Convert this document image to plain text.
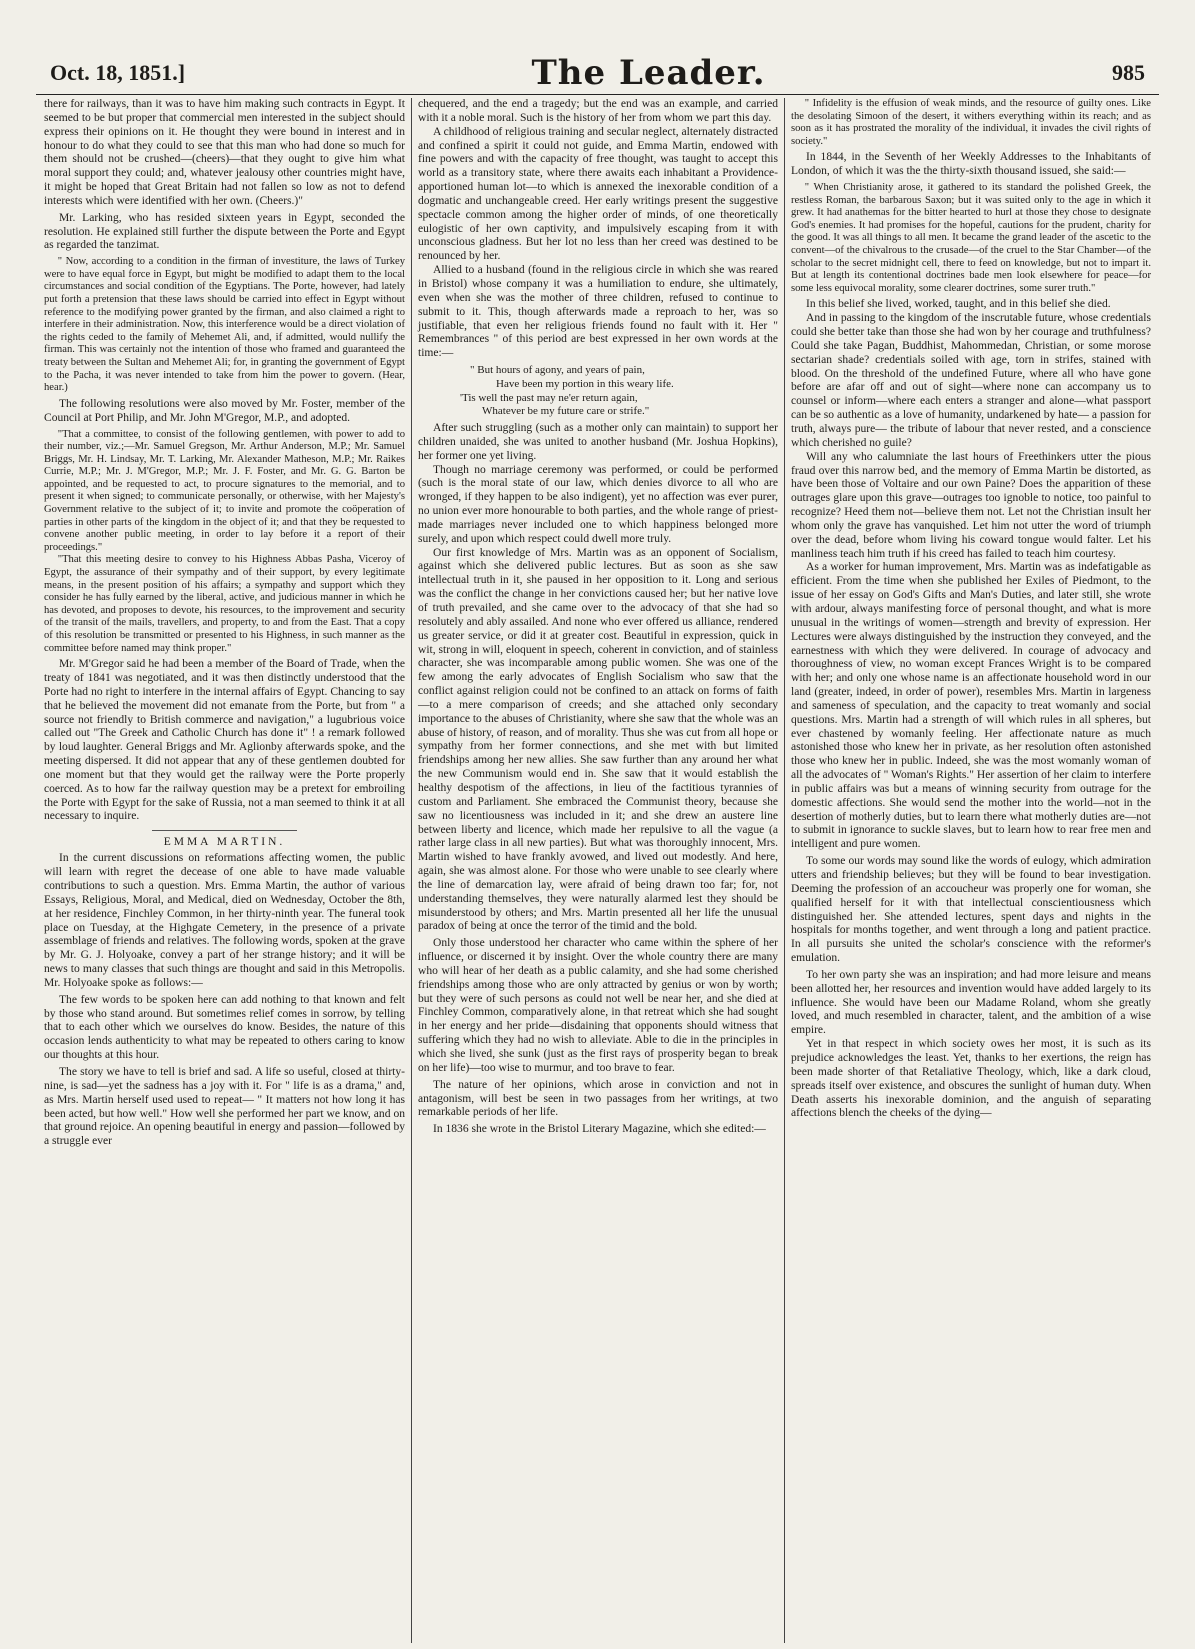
Oct. 18, 1851.]	The Leader.	985

there for railways, than it was to have him making such contracts in Egypt. It seemed to be but proper that commercial men interested in the subject should express their opinions on it. He thought they were bound in interest and in honour to do what they could to see that this man who had done so much for them should not be crushed—(cheers)—that they ought to give him what moral support they could; and, whatever jealousy other countries might have, it might be hoped that Great Britain had not fallen so low as not to defend interests which were identified with her own. (Cheers.)"

Mr. Larking, who has resided sixteen years in Egypt, seconded the resolution. He explained still further the dispute between the Porte and Egypt as regarded the tanzimat.

" Now, according to a condition in the firman of investiture, the laws of Turkey were to have equal force in Egypt, but might be modified to adapt them to the local circumstances and social condition of the Egyptians. The Porte, however, had lately put forth a pretension that these laws should be carried into effect in Egypt without reference to the modifying power granted by the firman, and also claimed a right to interfere in their administration. Now, this interference would be a direct violation of the rights ceded to the family of Mehemet Ali, and, if admitted, would nullify the firman. This was certainly not the intention of those who framed and guaranteed the treaty between the Sultan and Mehemet Ali; for, in granting the government of Egypt to the Pacha, it was never intended to take from him the power to govern. (Hear, hear.)

The following resolutions were also moved by Mr. Foster, member of the Council at Port Philip, and Mr. John M'Gregor, M.P., and adopted.

"That a committee, to consist of the following gentlemen, with power to add to their number, viz.;—Mr. Samuel Gregson, Mr. Arthur Anderson, M.P.; Mr. Samuel Briggs, Mr. H. Lindsay, Mr. T. Larking, Mr. Alexander Matheson, M.P.; Mr. Raikes Currie, M.P.; Mr. J. M'Gregor, M.P.; Mr. J. F. Foster, and Mr. G. G. Barton be appointed, and be requested to act, to procure signatures to the memorial, and to present it when signed; to communicate personally, or otherwise, with her Majesty's Government relative to the subject of it; to invite and promote the coöperation of parties in other parts of the kingdom in the object of it; and that they be requested to convene another public meeting, in order to lay before it a report of their proceedings."

"That this meeting desire to convey to his Highness Abbas Pasha, Viceroy of Egypt, the assurance of their sympathy and of their support, by every legitimate means, in the present position of his affairs; a sympathy and support which they consider he has fully earned by the liberal, active, and judicious manner in which he has devoted, and proposes to devote, his resources, to the improvement and security of the transit of the mails, travellers, and property, to and from the East. That a copy of this resolution be transmitted or presented to his Highness, in such manner as the committee before named may think proper."

Mr. M'Gregor said he had been a member of the Board of Trade, when the treaty of 1841 was negotiated, and it was then distinctly understood that the Porte had no right to interfere in the internal affairs of Egypt. Chancing to say that he believed the movement did not emanate from the Porte, but from " a source not friendly to British commerce and navigation," a lugubrious voice called out "The Greek and Catholic Church has done it" ! a remark followed by loud laughter. General Briggs and Mr. Aglionby afterwards spoke, and the meeting dispersed. It did not appear that any of these gentlemen doubted for one moment but that they would get the railway were the Porte properly coerced. As to how far the railway question may be a pretext for embroiling the Porte with Egypt for the sake of Russia, not a man seemed to think it at all necessary to inquire.

EMMA MARTIN.

In the current discussions on reformations affecting women, the public will learn with regret the decease of one able to have made valuable contributions to such a question. Mrs. Emma Martin, the author of various Essays, Religious, Moral, and Medical, died on Wednesday, October the 8th, at her residence, Finchley Common, in her thirty-ninth year. The funeral took place on Tuesday, at the Highgate Cemetery, in the presence of a private assemblage of friends and relatives. The following words, spoken at the grave by Mr. G. J. Holyoake, convey a part of her strange history; and it will be news to many classes that such things are thought and said in this Metropolis. Mr. Holyoake spoke as follows:—

The few words to be spoken here can add nothing to that known and felt by those who stand around. But sometimes relief comes in sorrow, by telling that to each other which we ourselves do know. Besides, the nature of this occasion lends authenticity to what may be repeated to others caring to know our thoughts at this hour.

The story we have to tell is brief and sad. A life so useful, closed at thirty-nine, is sad—yet the sadness has a joy with it. For " life is as a drama," and, as Mrs. Martin herself used used to repeat— " It matters not how long it has been acted, but how well." How well she performed her part we know, and on that ground rejoice. An opening beautiful in energy and passion—followed by a struggle ever

chequered, and the end a tragedy; but the end was an example, and carried with it a noble moral. Such is the history of her from whom we part this day.

A childhood of religious training and secular neglect, alternately distracted and confined a spirit it could not guide, and Emma Martin, endowed with fine powers and with the capacity of free thought, was taught to accept this world as a transitory state, where there awaits each inhabitant a Providence-apportioned human lot—to which is annexed the inexorable condition of a dogmatic and unchangeable creed. Her early writings present the suggestive spectacle common among the higher order of minds, of one theoretically eulogistic of her own captivity, and impulsively escaping from it with unconscious gladness. But her lot no less than her creed was destined to be renounced by her.

Allied to a husband (found in the religious circle in which she was reared in Bristol) whose company it was a humiliation to endure, she ultimately, even when she was the mother of three children, refused to continue to submit to it. This, though afterwards made a reproach to her, was so justifiable, that even her religious friends found no fault with it. Her " Remembrances " of this period are best expressed in her own words at the time:—

" But hours of agony, and years of pain,
Have been my portion in this weary life.
'Tis well the past may ne'er return again,
Whatever be my future care or strife."

After such struggling (such as a mother only can maintain) to support her children unaided, she was united to another husband (Mr. Joshua Hopkins), her former one yet living.

Though no marriage ceremony was performed, or could be performed (such is the moral state of our law, which denies divorce to all who are wronged, if they happen to be also indigent), yet no affection was ever purer, no union ever more honourable to both parties, and the whole range of priest-made marriages never included one to which happiness belonged more surely, and upon which respect could dwell more truly.

Our first knowledge of Mrs. Martin was as an opponent of Socialism, against which she delivered public lectures. But as soon as she saw intellectual truth in it, she paused in her opposition to it. Long and serious was the conflict the change in her convictions caused her; but her native love of truth prevailed, and she came over to the advocacy of that she had so resolutely and ably assailed. And none who ever offered us alliance, rendered us greater service, or did it at greater cost. Beautiful in expression, quick in wit, strong in will, eloquent in speech, coherent in conviction, and of stainless character, she was incomparable among public women. She was one of the few among the early advocates of English Socialism who saw that the conflict against religion could not be confined to an attack on forms of faith—to a mere comparison of creeds; and she attached only secondary importance to the abuses of Christianity, where she saw that the whole was an abuse of history, of reason, and of morality. Thus she was cut from all hope or sympathy from her former connections, and she met with but limited friendships among her new allies. She saw further than any around her what the new Communism would end in. She saw that it would establish the healthy despotism of the affections, in lieu of the factitious tyrannies of custom and Parliament. She embraced the Communist theory, because she saw no licentiousness was included in it; and she drew an austere line between liberty and licence, which made her repulsive to all the vague (a rather large class in all new parties). But what was thoroughly innocent, Mrs. Martin wished to have frankly avowed, and lived out modestly. And here, again, she was almost alone. For those who were unable to see clearly where the line of demarcation lay, were afraid of being drawn too far; for, not understanding themselves, they were naturally alarmed lest they should be misunderstood by others; and Mrs. Martin presented all her life the unusual paradox of being at once the terror of the timid and the bold.

Only those understood her character who came within the sphere of her influence, or discerned it by insight. Over the whole country there are many who will hear of her death as a public calamity, and she had some cherished friendships among those who are only attracted by genius or won by worth; but they were of such persons as could not well be near her, and she died at Finchley Common, comparatively alone, in that retreat which she had sought in her energy and her pride—disdaining that opponents should witness that suffering which they had no wish to alleviate. Able to die in the principles in which she lived, she sunk (just as the first rays of prosperity began to break on her life)—too wise to murmur, and too brave to fear.

The nature of her opinions, which arose in conviction and not in antagonism, will best be seen in two passages from her writings, at two remarkable periods of her life.

In 1836 she wrote in the Bristol Literary Magazine, which she edited:—

" Infidelity is the effusion of weak minds, and the resource of guilty ones. Like the desolating Simoon of the desert, it withers everything within its reach; and as soon as it has prostrated the morality of the individual, it invades the civil rights of society."

In 1844, in the Seventh of her Weekly Addresses to the Inhabitants of London, of which it was the the thirty-sixth thousand issued, she said:—

" When Christianity arose, it gathered to its standard the polished Greek, the restless Roman, the barbarous Saxon; but it was suited only to the age in which it grew. It had anathemas for the bitter hearted to hurl at those they chose to designate God's enemies. It had promises for the hopeful, cautions for the prudent, charity for the good. It was all things to all men. It became the grand leader of the ascetic to the convent—of the chivalrous to the crusade—of the cruel to the Star Chamber—of the scholar to the secret midnight cell, there to feed on knowledge, but not to impart it. But at length its contentional doctrines bade men look elsewhere for peace—for some less equivocal morality, some clearer doctrines, some surer truth."

In this belief she lived, worked, taught, and in this belief she died.

And in passing to the kingdom of the inscrutable future, whose credentials could she better take than those she had won by her courage and truthfulness? Could she take Pagan, Buddhist, Mahommedan, Christian, or some morose sectarian shade? credentials soiled with age, torn in strifes, stained with blood. On the threshold of the undefined Future, where all who have gone before are afar off and out of sight—where none can accompany us to counsel or inform—where each enters a stranger and alone—what passport can be so authentic as a love of humanity, undarkened by hate— a passion for truth, always pure— the tribute of labour that never rested, and a conscience which cherished no guile?

Will any who calumniate the last hours of Freethinkers utter the pious fraud over this narrow bed, and the memory of Emma Martin be distorted, as have been those of Voltaire and our own Paine? Does the apparition of these outrages glare upon this grave—outrages too ignoble to notice, too painful to recognize? Heed them not—believe them not. Let not the Christian insult her whom only the grave has vanquished. Let him not utter the word of triumph over the dead, before whom living his coward tongue would falter. Let his manliness teach him truth if his creed has failed to teach him courtesy.

As a worker for human improvement, Mrs. Martin was as indefatigable as efficient. From the time when she published her Exiles of Piedmont, to the issue of her essay on God's Gifts and Man's Duties, and later still, she wrote with ardour, always manifesting force of personal thought, and what is more unusual in the writings of women—strength and brevity of expression. Her Lectures were always distinguished by the instruction they conveyed, and the earnestness with which they were delivered. In courage of advocacy and thoroughness of view, no woman except Frances Wright is to be compared with her; and only one whose name is an affectionate household word in our land (greater, indeed, in order of power), resembles Mrs. Martin in largeness and sameness of speculation, and the capacity to treat womanly and social questions. Mrs. Martin had a strength of will which rules in all spheres, but ever chastened by womanly feeling. Her affectionate nature as much astonished those who knew her in private, as her resolution often astonished those who knew her in public. Indeed, she was the most womanly woman of all the advocates of " Woman's Rights." Her assertion of her claim to interfere in public affairs was but a means of winning security from outrage for the domestic affections. She would send the mother into the world—not in the desertion of motherly duties, but to learn there what motherly duties are—not to submit in ignorance to suckle slaves, but to learn how to rear free men and intelligent and pure women.

To some our words may sound like the words of eulogy, which admiration utters and friendship believes; but they will be found to bear investigation. Deeming the profession of an accoucheur was properly one for woman, she qualified herself for it with that intellectual conscientiousness which distinguished her. She attended lectures, spent days and nights in the hospitals for months together, and went through a long and patient practice. In all pursuits she united the scholar's conscience with the reformer's emulation.

To her own party she was an inspiration; and had more leisure and means been allotted her, her resources and invention would have added largely to its influence. She would have been our Madame Roland, whom she greatly loved, and much resembled in character, talent, and the ambition of a wise empire.

Yet in that respect in which society owes her most, it is such as its prejudice acknowledges the least. Yet, thanks to her exertions, the reign has been made shorter of that Retaliative Theology, which, like a dark cloud, spreads itself over existence, and obscures the sunlight of human duty. When Death asserts his inexorable dominion, and the anguish of separating affections blench the cheeks of the dying—
